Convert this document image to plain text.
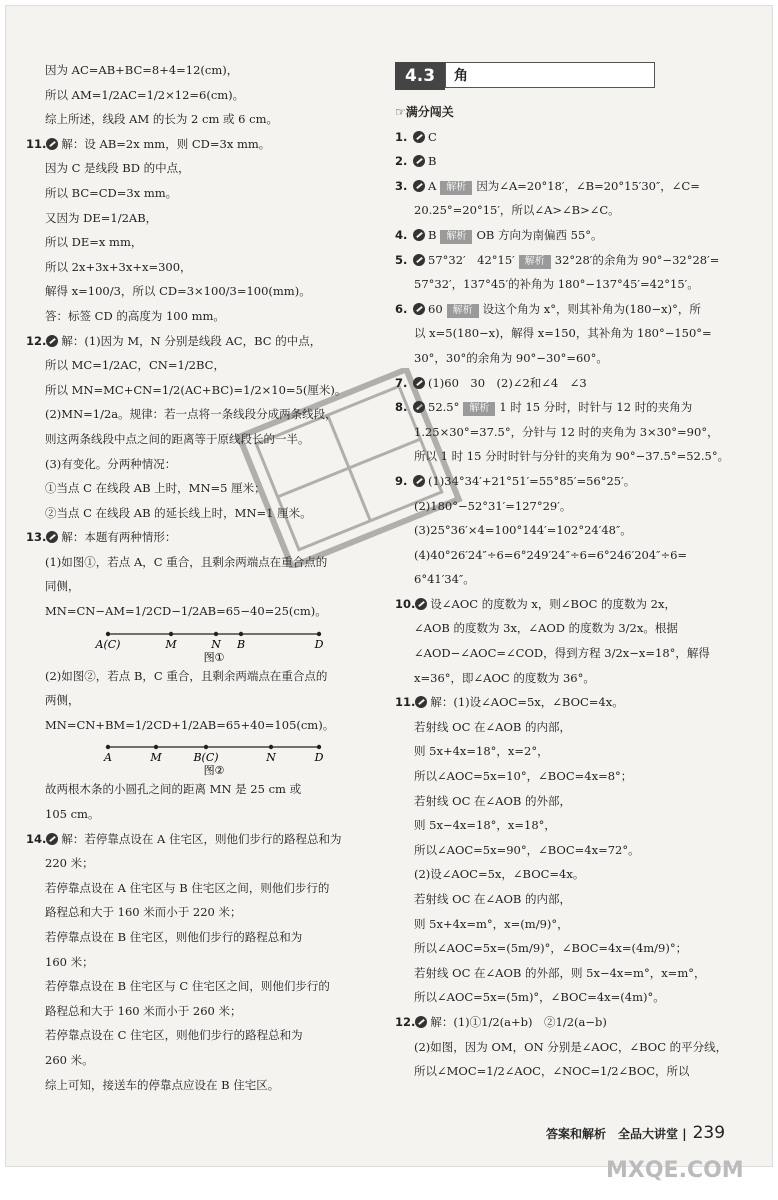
4.3	角
因为 AC=AB+BC=8+4=12(cm)，
所以 AM=1/2AC=1/2×12=6(cm)。
综上所述，线段 AM 的长为 2 cm 或 6 cm。
11. 解：设 AB=2x mm，则 CD=3x mm。
因为 C 是线段 BD 的中点，
所以 BC=CD=3x mm。
又因为 DE=1/2AB，
所以 DE=x mm，
所以 2x+3x+3x+x=300，
解得 x=100/3，所以 CD=3×100/3=100(mm)。
答：标签 CD 的高度为 100 mm。
12. 解：(1)因为 M，N 分别是线段 AC，BC 的中点，
所以 MC=1/2AC，CN=1/2BC，
所以 MN=MC+CN=1/2(AC+BC)=1/2×10=5(厘米)。
(2)MN=1/2a。规律：若一点将一条线段分成两条线段，
则这两条线段中点之间的距离等于原线段长的一半。
(3)有变化。分两种情况：
①当点 C 在线段 AB 上时，MN=5 厘米；
②当点 C 在线段 AB 的延长线上时，MN=1 厘米。
13. 解：本题有两种情形：
(1)如图①，若点 A，C 重合，且剩余两端点在重合点的
同侧，
MN=CN−AM=1/2CD−1/2AB=65−40=25(cm)。
A(C)	M	N B	D
图①
(2)如图②，若点 B，C 重合，且剩余两端点在重合点的
两侧，
MN=CN+BM=1/2CD+1/2AB=65+40=105(cm)。
A	M	B(C)	N	D
图②
故两根木条的小圆孔之间的距离 MN 是 25 cm 或
105 cm。
14. 解：若停靠点设在 A 住宅区，则他们步行的路程总和为
220 米；
若停靠点设在 A 住宅区与 B 住宅区之间，则他们步行的
路程总和大于 160 米而小于 220 米；
若停靠点设在 B 住宅区，则他们步行的路程总和为
160 米；
若停靠点设在 B 住宅区与 C 住宅区之间，则他们步行的
路程总和大于 160 米而小于 260 米；
若停靠点设在 C 住宅区，则他们步行的路程总和为
260 米。
综上可知，接送车的停靠点应设在 B 住宅区。
☞满分闯关
1. C
2. B
3. A 解析 因为∠A=20°18′，∠B=20°15′30″，∠C=
20.25°=20°15′，所以∠A>∠B>∠C。
4. B 解析 OB 方向为南偏西 55°。
5. 57°32′　42°15′ 解析 32°28′的余角为 90°−32°28′=
57°32′，137°45′的补角为 180°−137°45′=42°15′。
6. 60 解析 设这个角为 x°，则其补角为(180−x)°，所
以 x=5(180−x)，解得 x=150，其补角为 180°−150°=
30°，30°的余角为 90°−30°=60°。
7. (1)60　30　(2)∠2和∠4　∠3
8. 52.5° 解析 1 时 15 分时，时针与 12 时的夹角为
1.25×30°=37.5°，分针与 12 时的夹角为 3×30°=90°，
所以 1 时 15 分时时针与分针的夹角为 90°−37.5°=52.5°。
9. (1)34°34′+21°51′=55°85′=56°25′。
(2)180°−52°31′=127°29′。
(3)25°36′×4=100°144′=102°24′48″。
(4)40°26′24″÷6=6°249′24″÷6=6°246′204″÷6=
6°41′34″。
10. 设∠AOC 的度数为 x，则∠BOC 的度数为 2x，
∠AOB 的度数为 3x，∠AOD 的度数为 3/2x。根据
∠AOD−∠AOC=∠COD，得到方程 3/2x−x=18°，解得
x=36°，即∠AOC 的度数为 36°。
11. 解：(1)设∠AOC=5x，∠BOC=4x。
若射线 OC 在∠AOB 的内部，
则 5x+4x=18°，x=2°，
所以∠AOC=5x=10°，∠BOC=4x=8°；
若射线 OC 在∠AOB 的外部，
则 5x−4x=18°，x=18°，
所以∠AOC=5x=90°，∠BOC=4x=72°。
(2)设∠AOC=5x，∠BOC=4x。
若射线 OC 在∠AOB 的内部，
则 5x+4x=m°，x=(m/9)°，
所以∠AOC=5x=(5m/9)°，∠BOC=4x=(4m/9)°；
若射线 OC 在∠AOB 的外部，则 5x−4x=m°，x=m°，
所以∠AOC=5x=(5m)°，∠BOC=4x=(4m)°。
12. 解：(1)①1/2(a+b)　②1/2(a−b)
(2)如图，因为 OM，ON 分别是∠AOC，∠BOC 的平分线，
所以∠MOC=1/2∠AOC，∠NOC=1/2∠BOC，所以
答案和解析　全品大讲堂 | 239
MXQE.COM
